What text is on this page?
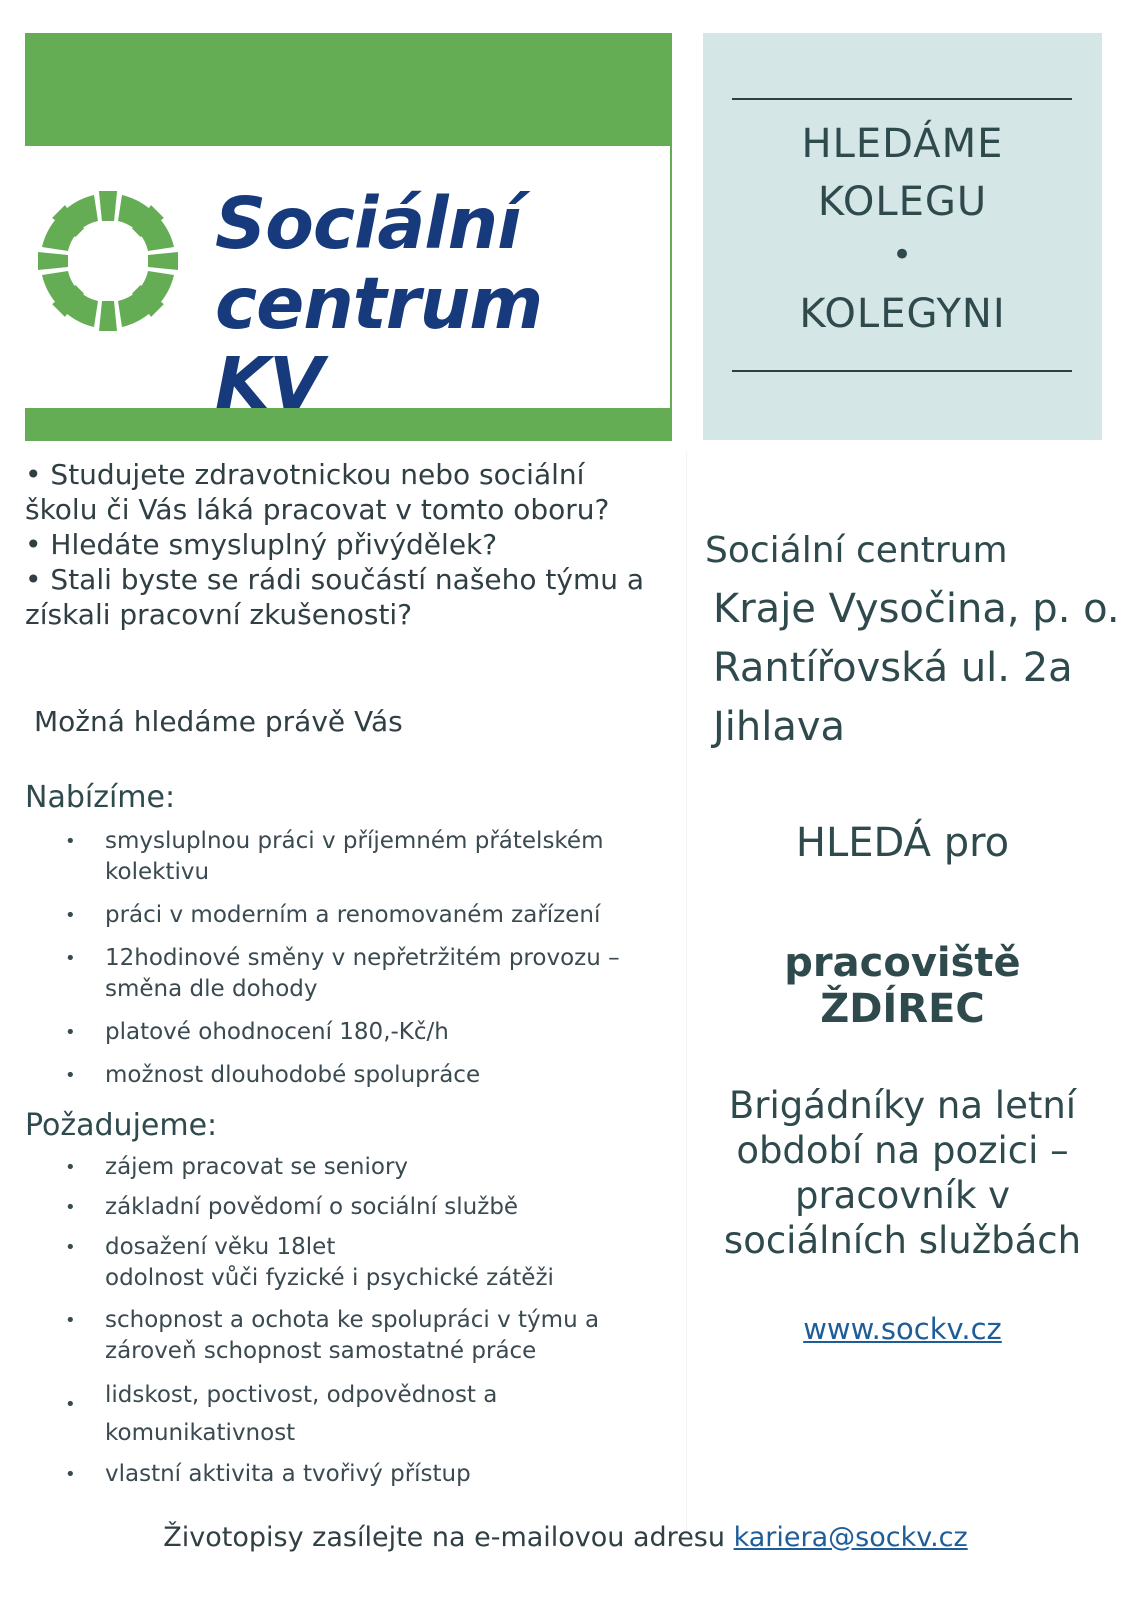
Sociální
centrum KV
HLEDÁME
KOLEGU
•
KOLEGYNI

• Studujete zdravotnickou nebo sociální školu či Vás láká pracovat v tomto oboru?

• Hledáte smysluplný přivýdělek?

• Stali byste se rádi součástí našeho týmu a získali pracovní zkušenosti?

Možná hledáme právě Vás
Nabízíme:
• smysluplnou práci v příjemném přátelském kolektivu
• práci v moderním a renomovaném zařízení
• 12hodinové směny v nepřetržitém provozu – směna dle dohody
• platové ohodnocení 180,-Kč/h
• možnost dlouhodobé spolupráce
Požadujeme:
• zájem pracovat se seniory
• základní povědomí o sociální službě
• dosažení věku 18let
odolnost vůči fyzické i psychické zátěži
• schopnost a ochota ke spolupráci v týmu a zároveň schopnost samostatné práce
• lidskost, poctivost, odpovědnost a komunikativnost
• vlastní aktivita a tvořivý přístup
Sociální centrum
Kraje Vysočina, p. o.
Rantířovská ul. 2a
Jihlava
HLEDÁ pro
pracoviště ŽDÍREC
Brigádníky na letní
období na pozici –
pracovník v
sociálních službách
www.sockv.cz
Životopisy zasílejte na e-mailovou adresu kariera@sockv.cz
